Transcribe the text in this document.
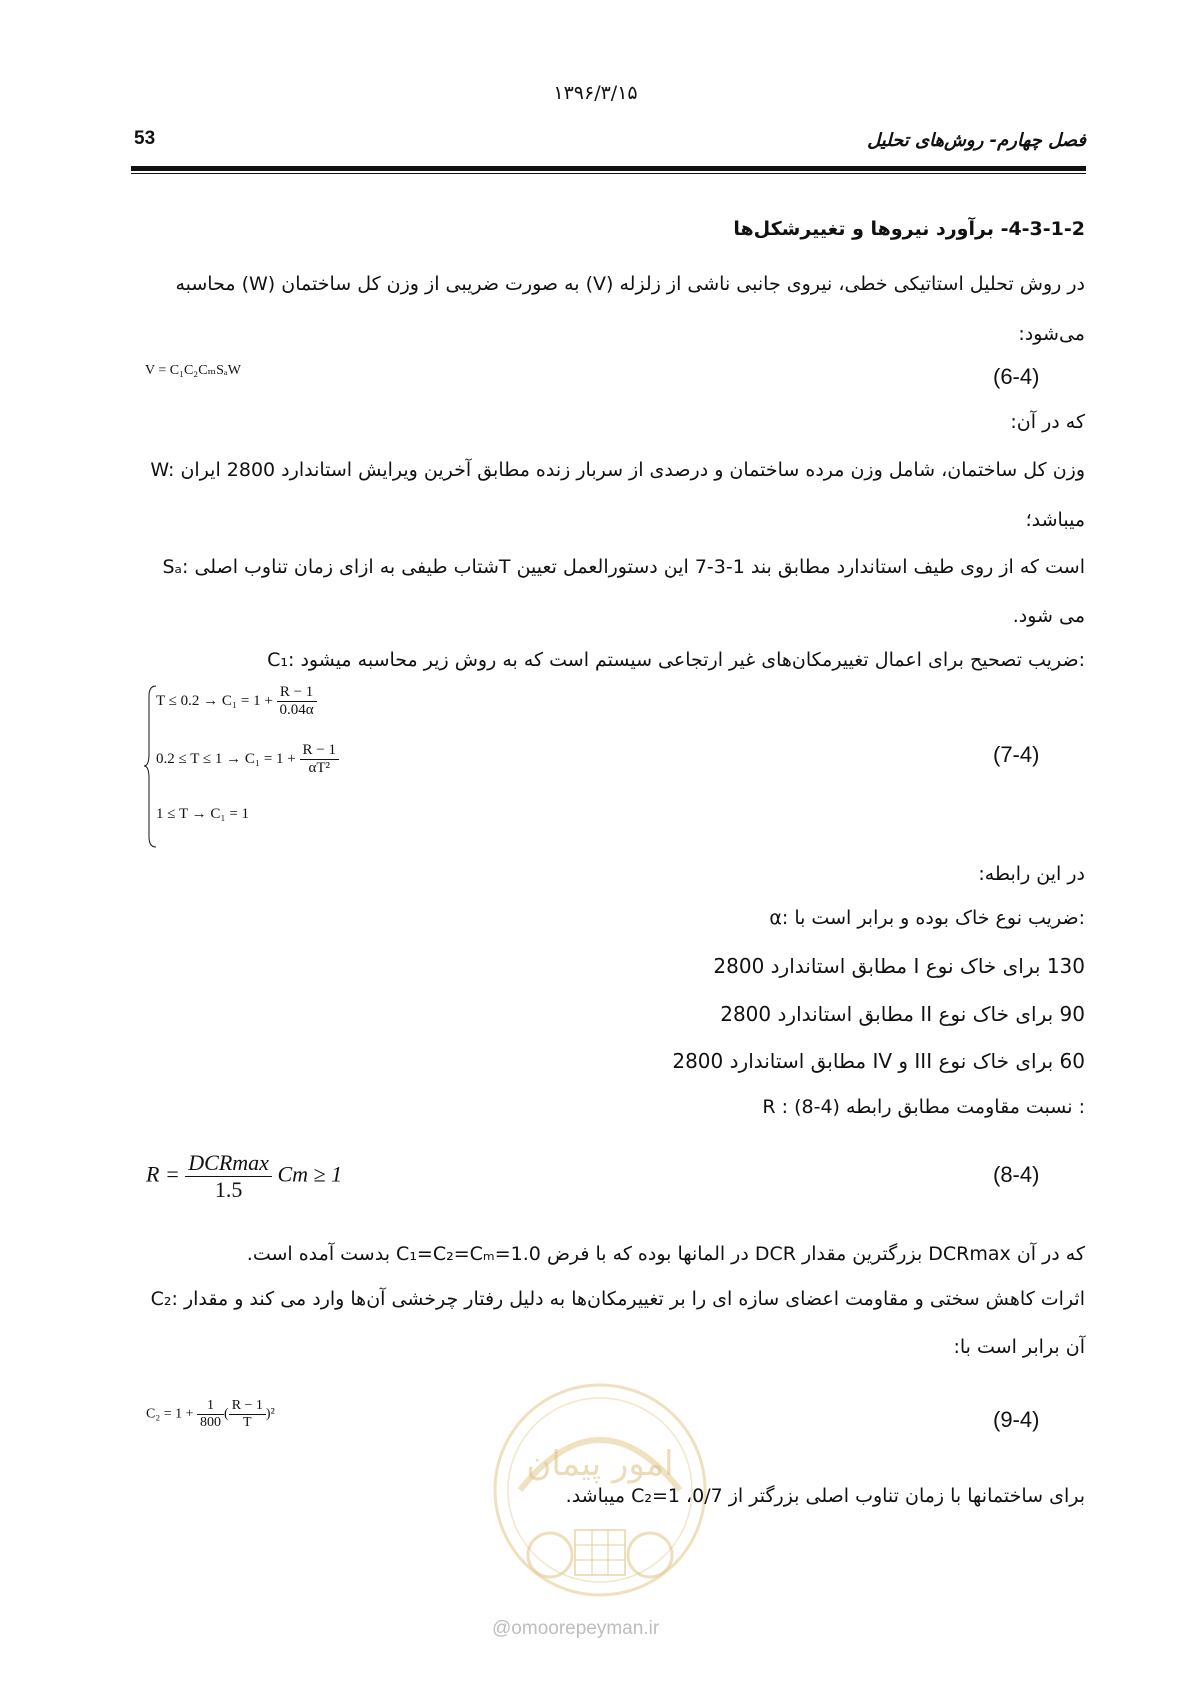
۱۳۹۶/۳/۱۵
53	فصل چهارم- روش‌های تحلیل
4-3-1-2- برآورد نیروها و تغییرشکل‌ها
در روش تحلیل استاتیکی خطی، نیروی جانبی ناشی از زلزله (V) به صورت ضریبی از وزن کل ساختمان (W) محاسبه
می‌شود:
V = C₁C₂CₘSₐW	(6-4)
که در آن:
W: وزن کل ساختمان، شامل وزن مرده ساختمان و درصدی از سربار زنده مطابق آخرین ویرایش استاندارد 2800 ایران
میباشد؛
Sₐ: شتاب طیفی به ازای زمان تناوب اصلیT است که از روی طیف استاندارد مطابق بند 1-3-7 این دستورالعمل تعیین
می شود.
C₁: ضریب تصحیح برای اعمال تغییرمکان‌های غیر ارتجاعی سیستم است که به روش زیر محاسبه میشود:
$T \le 0.2 \to C_1 = 1 + \frac{R - 1}{0.04\alpha}$
$0.2 \le T \le 1 \to C_1 = 1 + \frac{R - 1}{\text{αT²}}$
1 ≤ T → C₁ = 1
(7-4)
در این رابطه:
α: ضریب نوع خاک بوده و برابر است با:
130 برای خاک نوع I مطابق استاندارد 2800
90 برای خاک نوع II مطابق استاندارد 2800
60 برای خاک نوع III و IV مطابق استاندارد 2800
R : نسبت مقاومت مطابق رابطه (4-8) :
$R = \frac{\text{DCRmax}}{1.5}$ Cm ≥ 1	(8-4)
که در آن DCRmax بزرگترین مقدار DCR در المانها بوده که با فرض C₁=C₂=Cₘ=1.0 بدست آمده است.
C₂: اثرات کاهش سختی و مقاومت اعضای سازه ای را بر تغییرمکان‌ها به دلیل رفتار چرخشی آن‌ها وارد می کند و مقدار
آن برابر است با:
امور پیمان
$C_2 = 1 + \frac{1}{800}$ ( $\frac{R - 1}{T} )^2$	(9-4)
برای ساختمانها با زمان تناوب اصلی بزرگتر از 0/7، C₂=1 میباشد.
@omoorepeyman.ir
